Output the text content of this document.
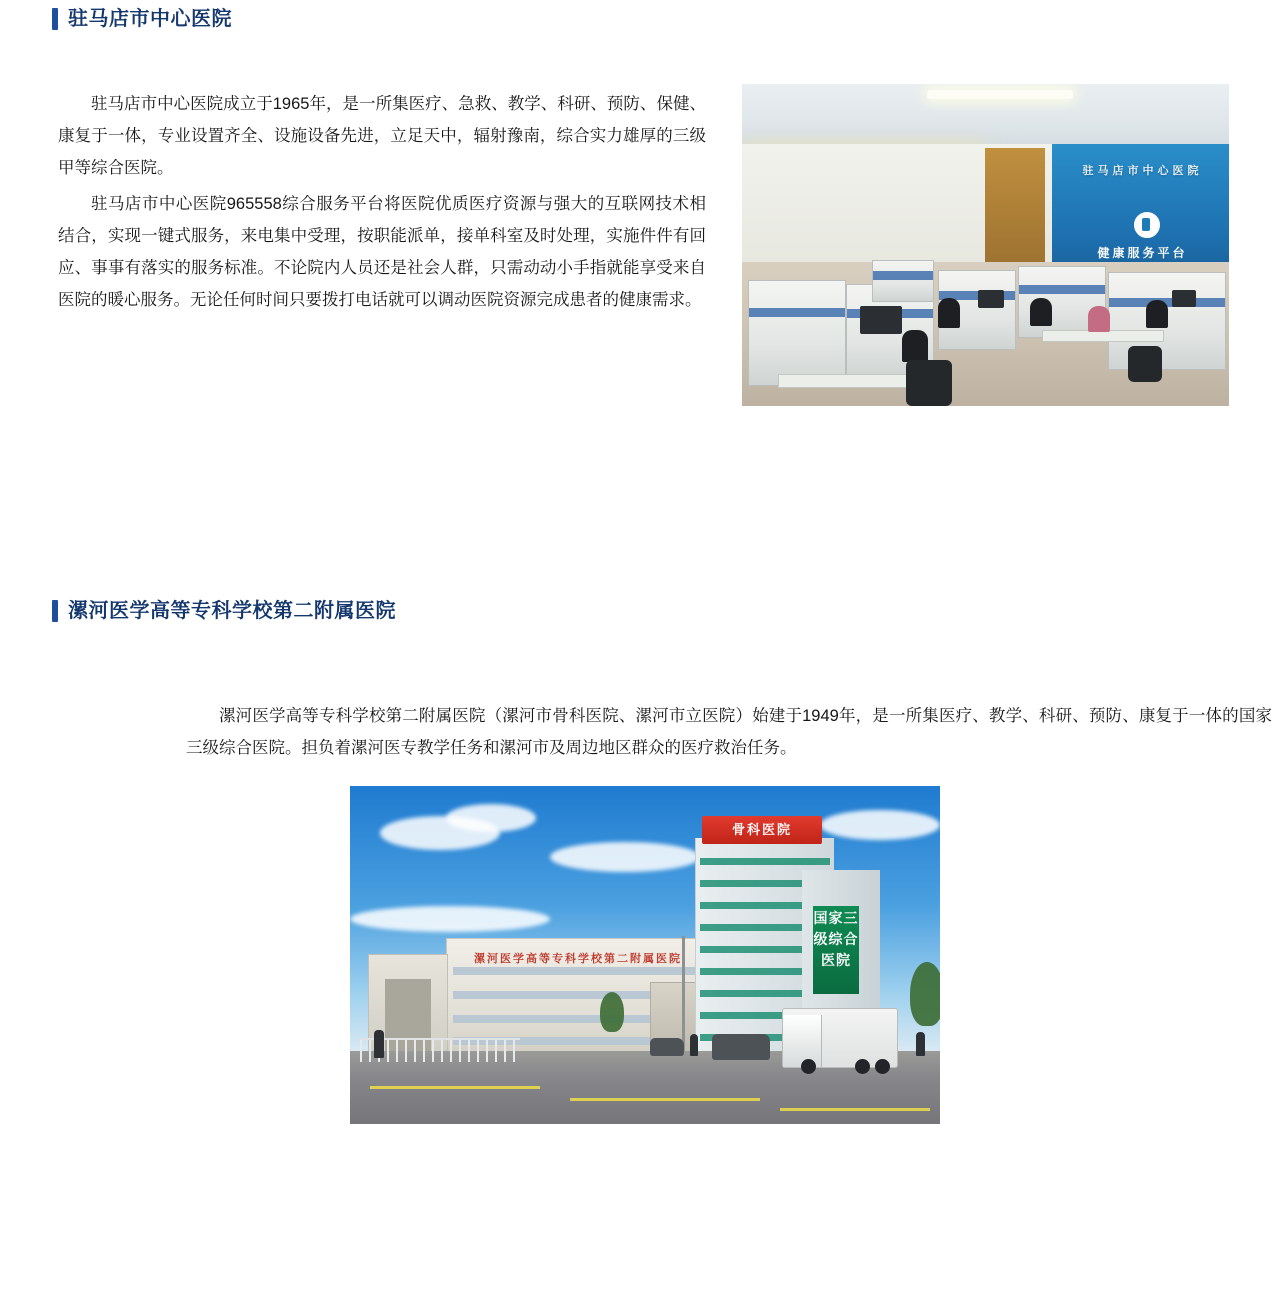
驻马店市中心医院

驻马店市中心医院成立于1965年，是一所集医疗、急救、教学、科研、预防、保健、康复于一体，专业设置齐全、设施设备先进，立足天中，辐射豫南，综合实力雄厚的三级甲等综合医院。

驻马店市中心医院965558综合服务平台将医院优质医疗资源与强大的互联网技术相结合，实现一键式服务，来电集中受理，按职能派单，接单科室及时处理，实施件件有回应、事事有落实的服务标准。不论院内人员还是社会人群，只需动动小手指就能享受来自医院的暖心服务。无论任何时间只要拨打电话就可以调动医院资源完成患者的健康需求。

驻马店市中心医院
健康服务平台
漯河医学高等专科学校第二附属医院

漯河医学高等专科学校第二附属医院（漯河市骨科医院、漯河市立医院）始建于1949年，是一所集医疗、教学、科研、预防、康复于一体的国家三级综合医院。担负着漯河医专教学任务和漯河市及周边地区群众的医疗救治任务。

漯河医学高等专科学校第二附属医院
骨科医院
国家三级综合医院
